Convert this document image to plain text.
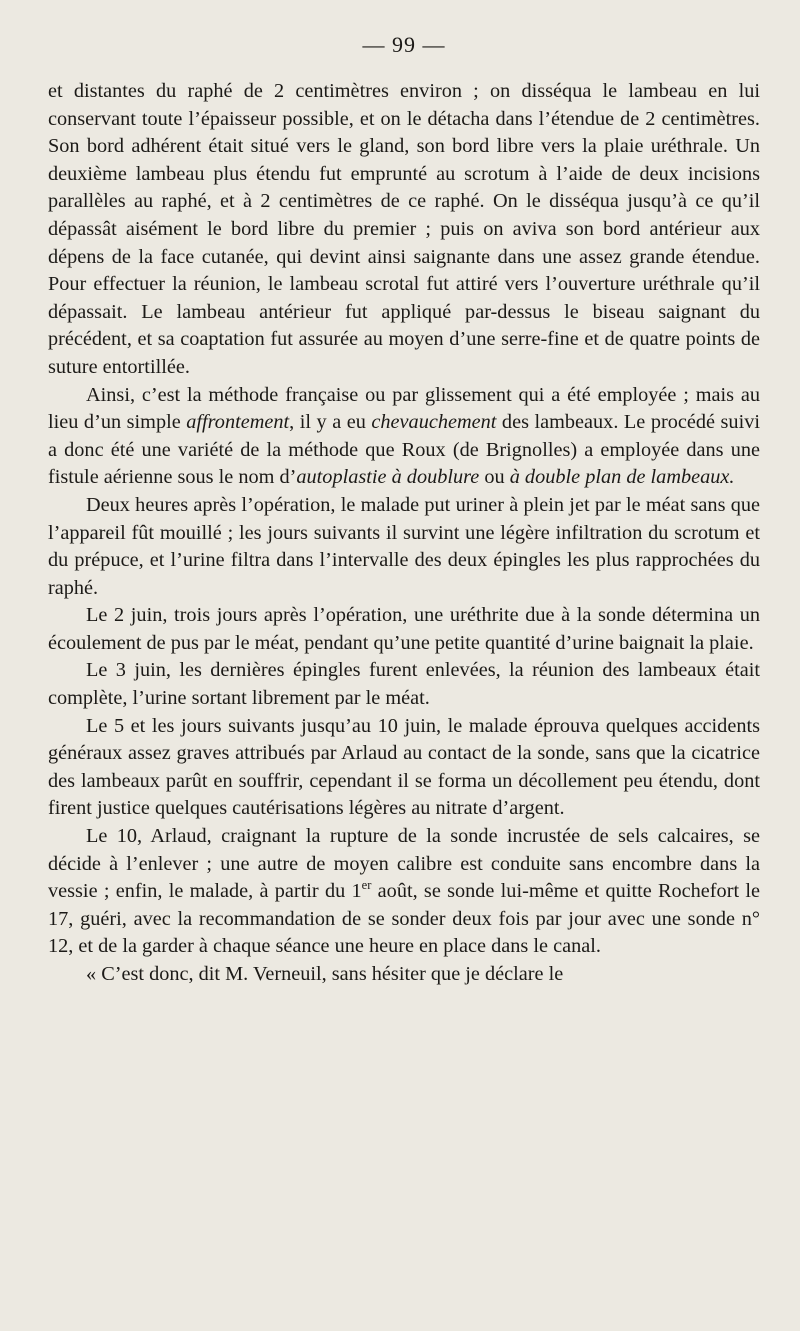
— 99 —

et distantes du raphé de 2 centimètres environ ; on disséqua le lambeau en lui conservant toute l’épaisseur possible, et on le détacha dans l’étendue de 2 centimètres. Son bord adhérent était situé vers le gland, son bord libre vers la plaie uréthrale. Un deuxième lambeau plus étendu fut emprunté au scrotum à l’aide de deux incisions parallèles au raphé, et à 2 centimètres de ce raphé. On le disséqua jusqu’à ce qu’il dépassât aisément le bord libre du premier ; puis on aviva son bord antérieur aux dépens de la face cutanée, qui devint ainsi saignante dans une assez grande étendue. Pour effectuer la réunion, le lambeau scrotal fut attiré vers l’ouverture uréthrale qu’il dépassait. Le lambeau antérieur fut appliqué par-dessus le biseau saignant du précédent, et sa coaptation fut assurée au moyen d’une serre-fine et de quatre points de suture entortillée.

Ainsi, c’est la méthode française ou par glissement qui a été employée ; mais au lieu d’un simple affrontement, il y a eu chevauchement des lambeaux. Le procédé suivi a donc été une variété de la méthode que Roux (de Brignolles) a employée dans une fistule aérienne sous le nom d’autoplastie à doublure ou à double plan de lambeaux.

Deux heures après l’opération, le malade put uriner à plein jet par le méat sans que l’appareil fût mouillé ; les jours suivants il survint une légère infiltration du scrotum et du prépuce, et l’urine filtra dans l’intervalle des deux épingles les plus rapprochées du raphé.

Le 2 juin, trois jours après l’opération, une uréthrite due à la sonde détermina un écoulement de pus par le méat, pendant qu’une petite quantité d’urine baignait la plaie.

Le 3 juin, les dernières épingles furent enlevées, la réunion des lambeaux était complète, l’urine sortant librement par le méat.

Le 5 et les jours suivants jusqu’au 10 juin, le malade éprouva quelques accidents généraux assez graves attribués par Arlaud au contact de la sonde, sans que la cicatrice des lambeaux parût en souffrir, cependant il se forma un décollement peu étendu, dont firent justice quelques cautérisations légères au nitrate d’argent.

Le 10, Arlaud, craignant la rupture de la sonde incrustée de sels calcaires, se décide à l’enlever ; une autre de moyen calibre est conduite sans encombre dans la vessie ; enfin, le malade, à partir du 1er août, se sonde lui-même et quitte Rochefort le 17, guéri, avec la recommandation de se sonder deux fois par jour avec une sonde n° 12, et de la garder à chaque séance une heure en place dans le canal.

« C’est donc, dit M. Verneuil, sans hésiter que je déclare le
